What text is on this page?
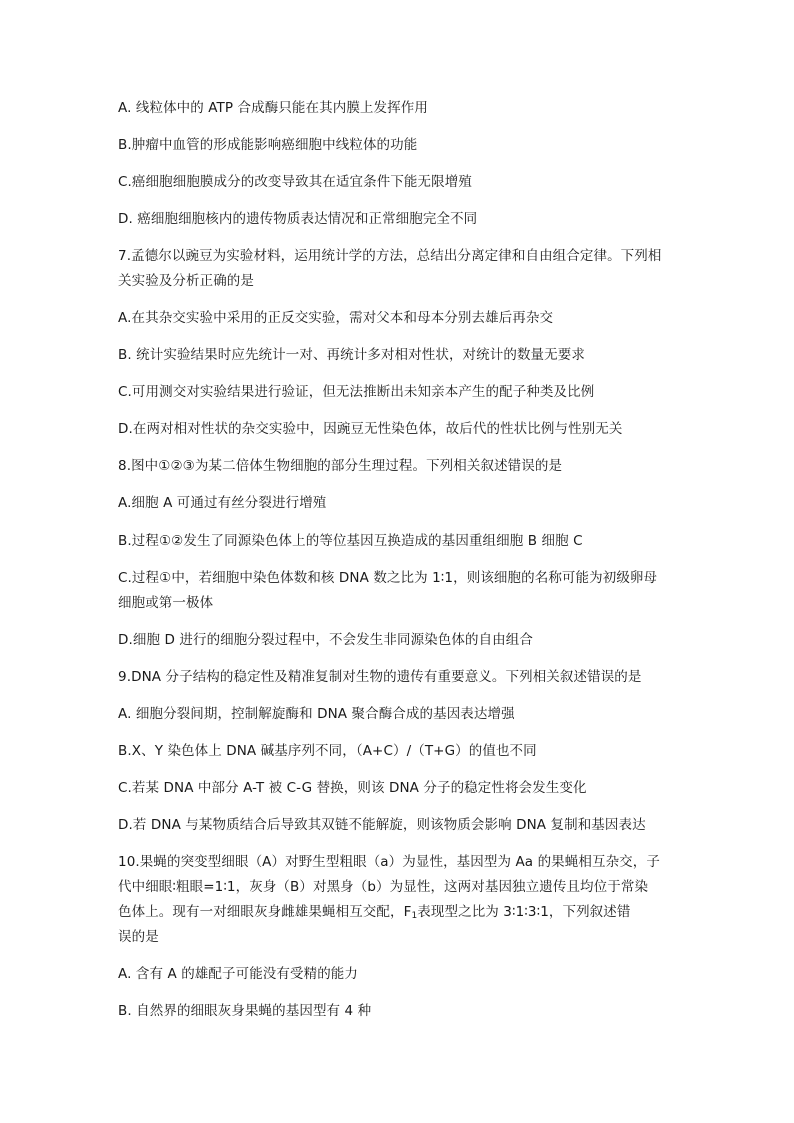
A. 线粒体中的 ATP 合成酶只能在其内膜上发挥作用
B.肿瘤中血管的形成能影响癌细胞中线粒体的功能
C.癌细胞细胞膜成分的改变导致其在适宜条件下能无限增殖
D. 癌细胞细胞核内的遗传物质表达情况和正常细胞完全不同
7.孟德尔以豌豆为实验材料，运用统计学的方法，总结出分离定律和自由组合定律。下列相
关实验及分析正确的是
A.在其杂交实验中采用的正反交实验，需对父本和母本分别去雄后再杂交
B. 统计实验结果时应先统计一对、再统计多对相对性状，对统计的数量无要求
C.可用测交对实验结果进行验证，但无法推断出未知亲本产生的配子种类及比例
D.在两对相对性状的杂交实验中，因豌豆无性染色体，故后代的性状比例与性别无关
8.图中①②③为某二倍体生物细胞的部分生理过程。下列相关叙述错误的是
A.细胞 A 可通过有丝分裂进行增殖
B.过程①②发生了同源染色体上的等位基因互换造成的基因重组细胞 B 细胞 C
C.过程①中，若细胞中染色体数和核 DNA 数之比为 1∶1，则该细胞的名称可能为初级卵母
细胞或第一极体
D.细胞 D 进行的细胞分裂过程中，不会发生非同源染色体的自由组合
9.DNA 分子结构的稳定性及精准复制对生物的遗传有重要意义。下列相关叙述错误的是
A. 细胞分裂间期，控制解旋酶和 DNA 聚合酶合成的基因表达增强
B.X、Y 染色体上 DNA 碱基序列不同，（A+C）/（T+G）的值也不同
C.若某 DNA 中部分 A-T 被 C-G 替换，则该 DNA 分子的稳定性将会发生变化
D.若 DNA 与某物质结合后导致其双链不能解旋，则该物质会影响 DNA 复制和基因表达
10.果蝇的突变型细眼（A）对野生型粗眼（a）为显性，基因型为 Aa 的果蝇相互杂交，子
代中细眼∶粗眼=1∶1，灰身（B）对黑身（b）为显性，这两对基因独立遗传且均位于常染
色体上。现有一对细眼灰身雌雄果蝇相互交配，$F_1$表现型之比为 3∶1∶3∶1，下列叙述错
误的是
A. 含有 A 的雄配子可能没有受精的能力
B. 自然界的细眼灰身果蝇的基因型有 4 种
